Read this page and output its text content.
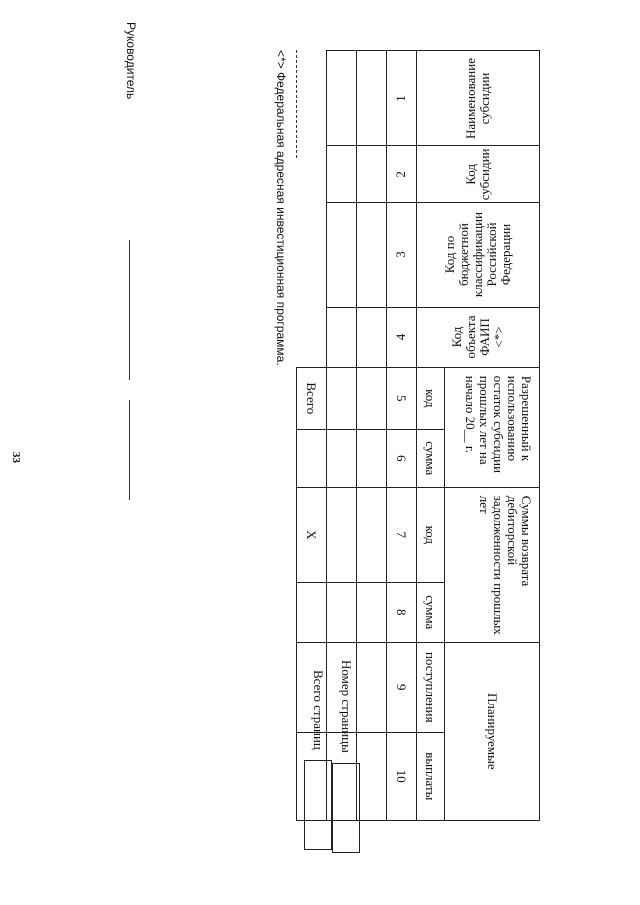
33
Наименование субсидии	Код субсидии	Код по бюджетной классификации Российской Федерации	Код объекта ФАИП <*>	Разрешенный к использованию остаток субсидии прошлых лет на начало 20__ г.		Суммы возврата дебиторской задолженности прошлых лет		Планируемые	
				код	сумма	код	сумма	поступления	выплаты
1	2	3	4	5	6	7	8	9	10

				Всего		X			
Номер страницы
Всего страниц
<*> Федеральная адресная инвестиционная программа.
Руководитель
